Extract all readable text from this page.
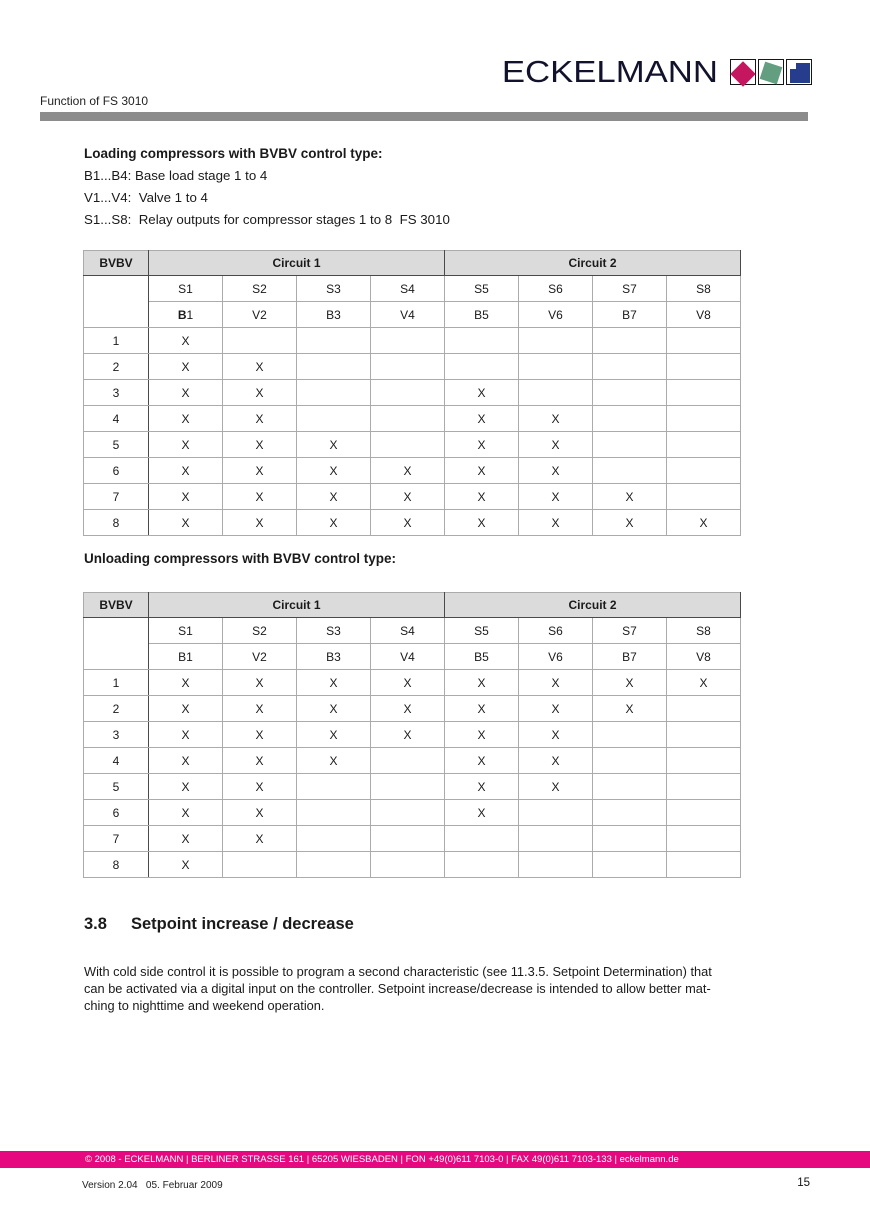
ECKELMANN
Function of FS 3010
Loading compressors with BVBV control type:
B1...B4: Base load stage 1 to 4
V1...V4:  Valve 1 to 4
S1...S8:  Relay outputs for compressor stages 1 to 8  FS 3010
BVBV	Circuit 1				Circuit 2			
	S1	S2	S3	S4	S5	S6	S7	S8
	B1	V2	B3	V4	B5	V6	B7	V8
1	X							
2	X	X						
3	X	X			X			
4	X	X			X	X		
5	X	X	X		X	X		
6	X	X	X	X	X	X		
7	X	X	X	X	X	X	X	
8	X	X	X	X	X	X	X	X
Unloading compressors with BVBV control type:
BVBV	Circuit 1				Circuit 2			
	S1	S2	S3	S4	S5	S6	S7	S8
	B1	V2	B3	V4	B5	V6	B7	V8
1	X	X	X	X	X	X	X	X
2	X	X	X	X	X	X	X	
3	X	X	X	X	X	X		
4	X	X	X		X	X		
5	X	X			X	X		
6	X	X			X			
7	X	X						
8	X							
3.8 Setpoint increase / decrease
With cold side control it is possible to program a second characteristic (see 11.3.5. Setpoint Determination) that
can be activated via a digital input on the controller. Setpoint increase/decrease is intended to allow better mat-
ching to nighttime and weekend operation.
© 2008 - ECKELMANN | BERLINER STRASSE 161 | 65205 WIESBADEN | FON +49(0)611 7103-0 | FAX 49(0)611 7103-133 | eckelmann.de
Version 2.04   05. Februar 2009	15
